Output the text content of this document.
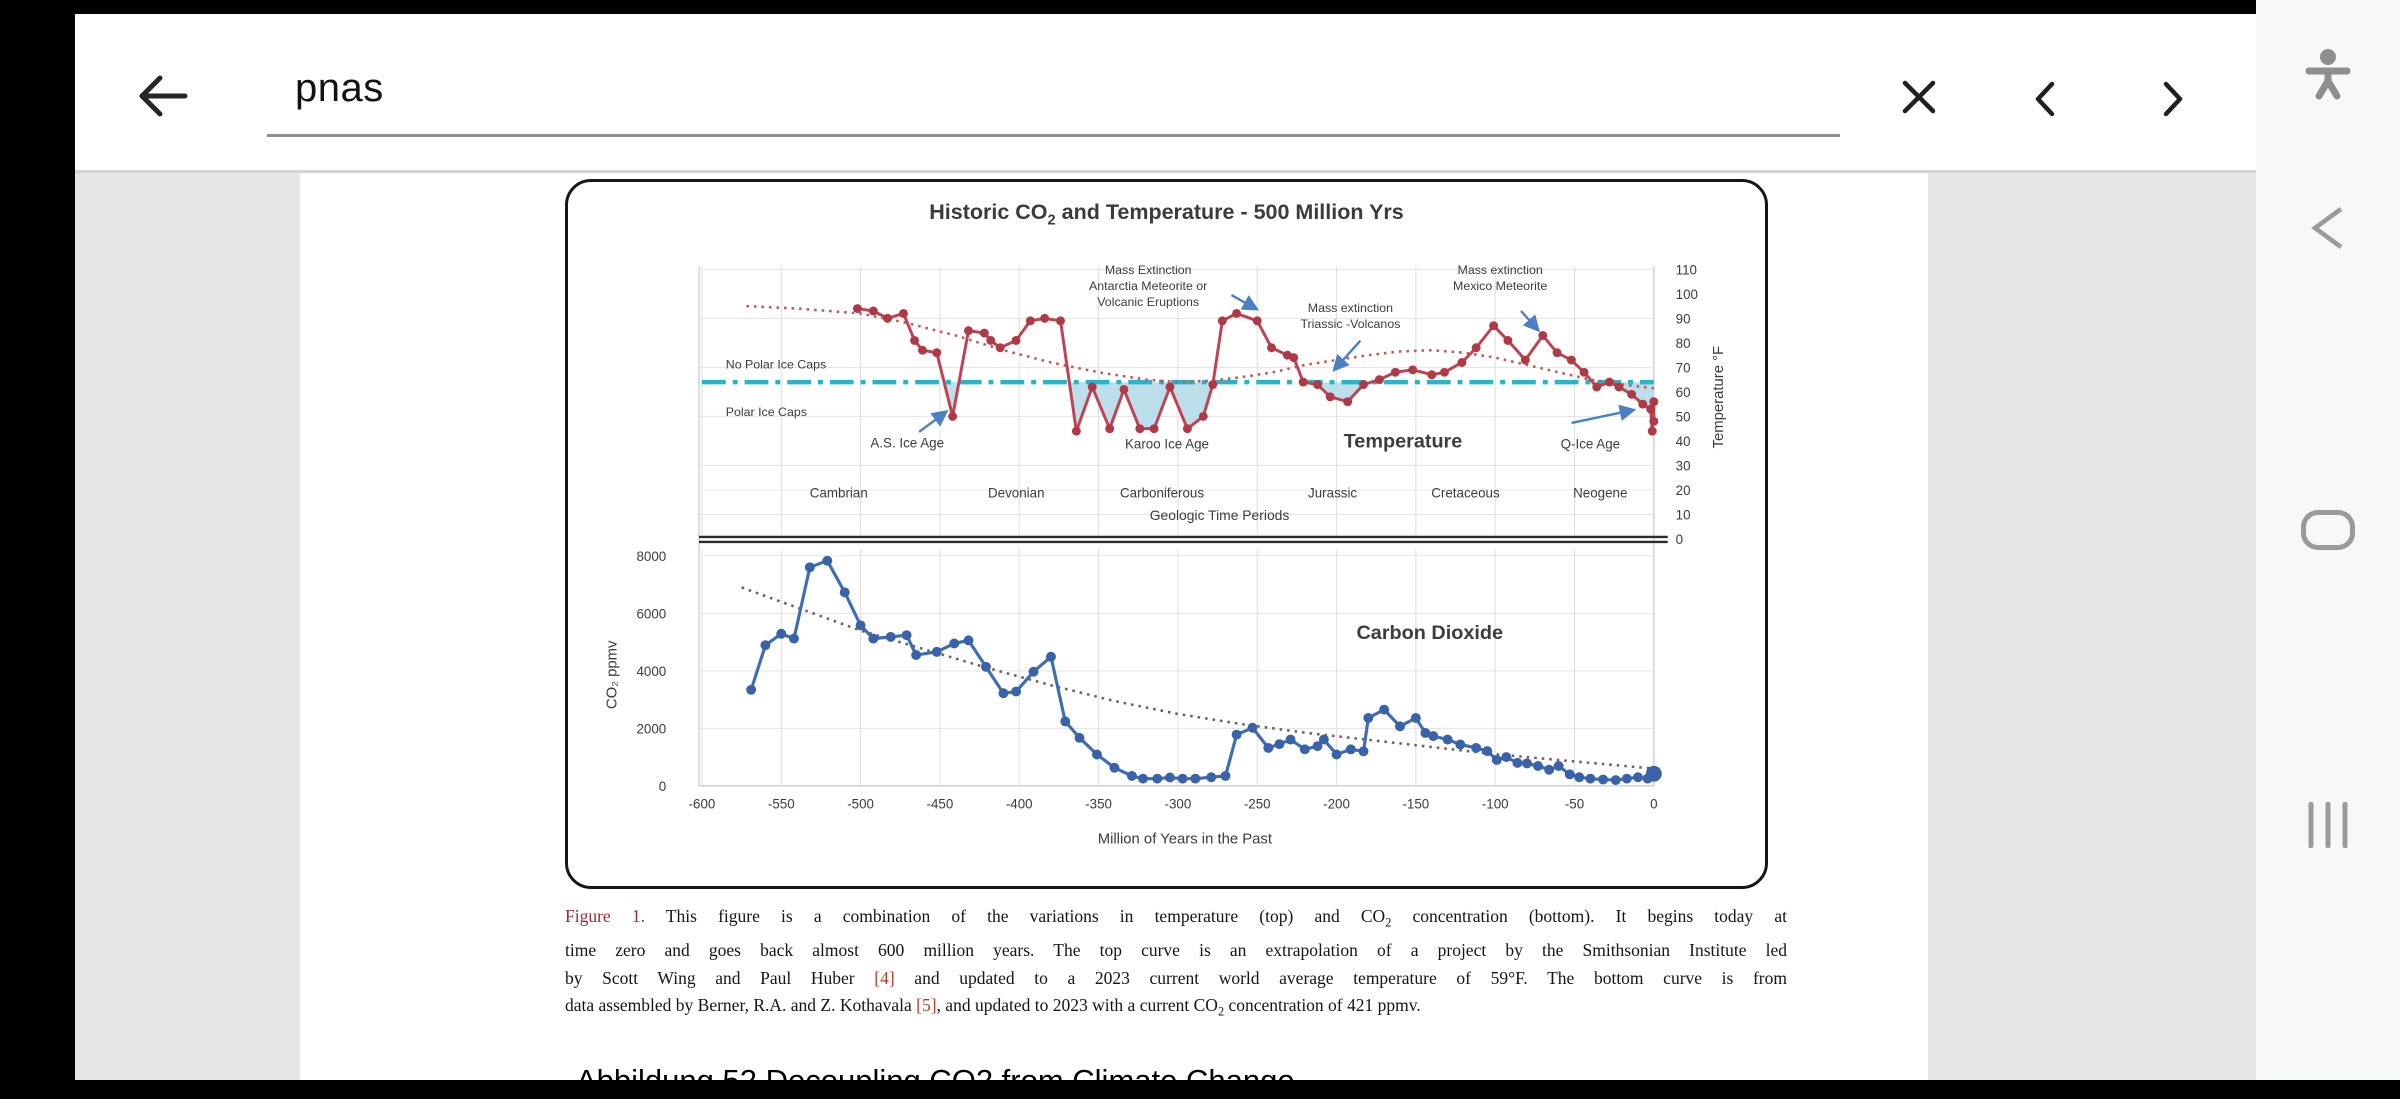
pnas
Historic $CO_2$ and Temperature - 500 Million Yrs
110
100
90
80
70
60
50
40
30
20
10
0
8000
6000
4000
2000
0
-600	-550	-500	-450	-400	-350	-300	-250	-200	-150	-100	-50	0
Cambrian	Devonian	Carboniferous	Jurassic	Cretaceous	Neogene
Geologic Time Periods
Million of Years in the Past
CO₂ ppmv
Temperature °F
Temperature
Carbon Dioxide
Mass Extinction
Antarctia Meteorite or
Volcanic Eruptions	Mass extinction
Triassic -Volcanos
Mass extinction
Mexico Meteorite
No Polar Ice Caps
Polar Ice Caps
A.S. Ice Age	Karoo Ice Age	Q-Ice Age
Figure 1. This figure is a combination of the variations in temperature (top) and $CO_2$ concentration (bottom). It begins today at
time zero and goes back almost 600 million years. The top curve is an extrapolation of a project by the Smithsonian Institute led
by Scott Wing and Paul Huber [4] and updated to a 2023 current world average temperature of 59°F. The bottom curve is from
data assembled by Berner, R.A. and Z. Kothavala [5], and updated to 2023 with a current $CO_2$ concentration of 421 ppmv.
Abbildung 52 Decoupling CO2 from Climate Change
